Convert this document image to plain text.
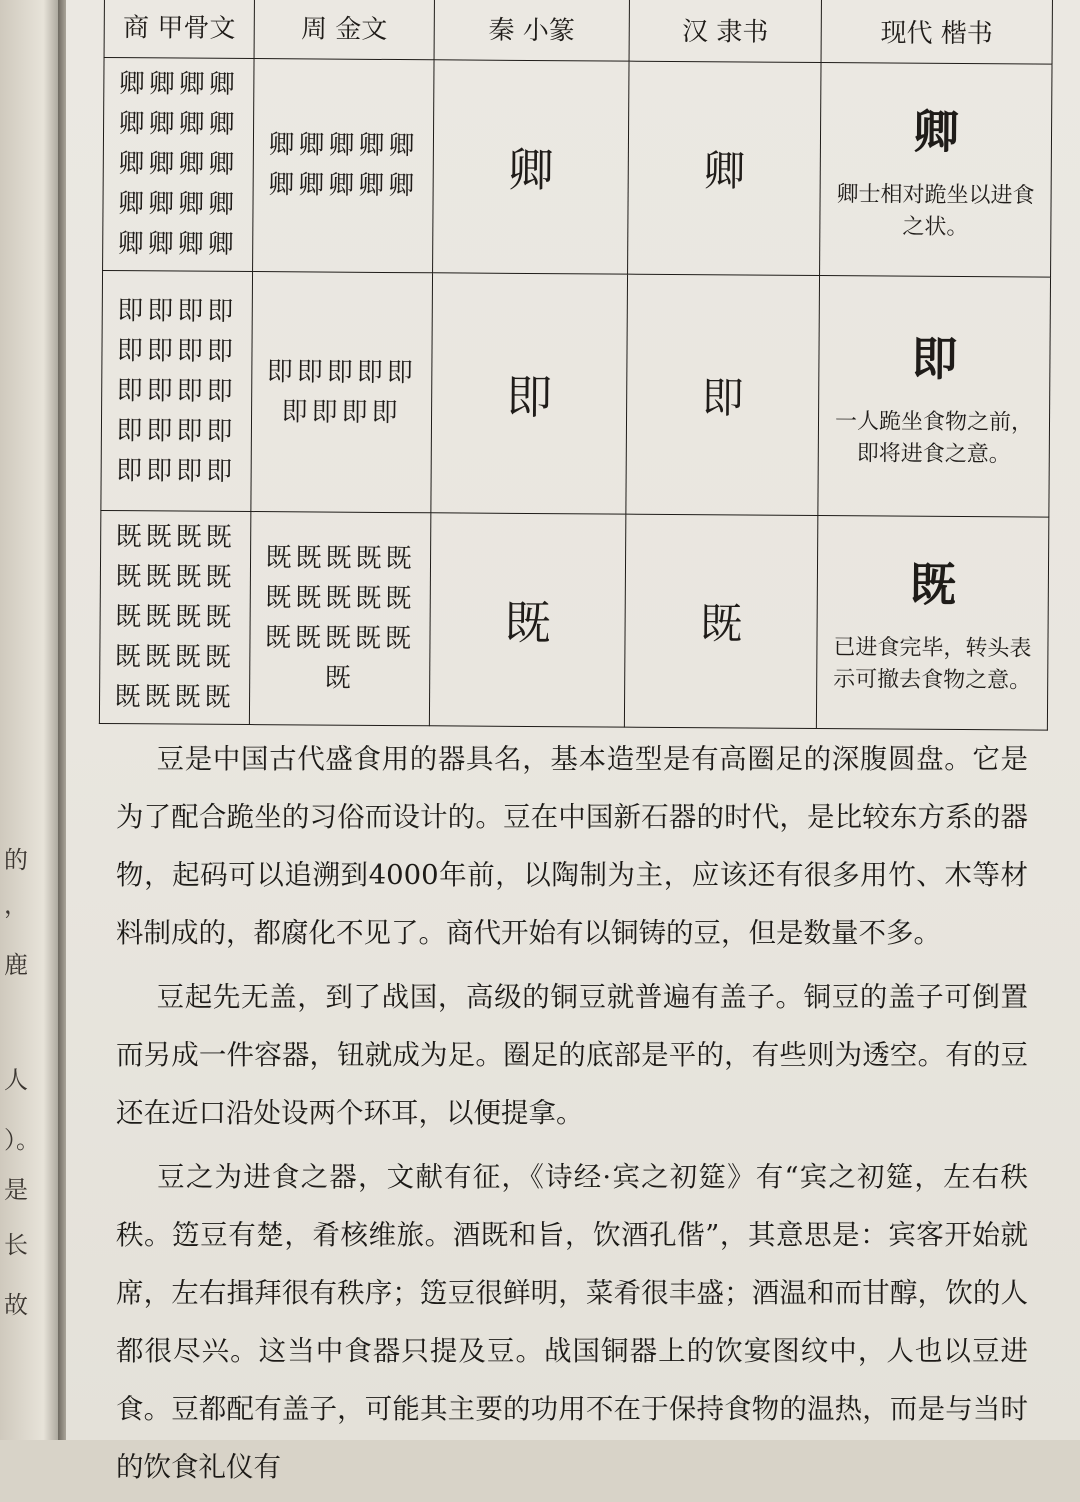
的
，
鹿
人
）。
是
长
故
商 甲骨文	周 金文	秦 小篆	汉 隶书	现代 楷书
卿卿卿卿卿卿卿卿卿卿卿卿卿卿卿卿卿卿卿卿	卿卿卿卿卿卿卿卿卿卿	卿	卿	卿
卿士相对跪坐以进食之状。

即即即即即即即即即即即即即即即即即即即即	即即即即即即即即即	即	即	即
一人跪坐食物之前，即将进食之意。

既既既既既既既既既既既既既既既既既既既既	既既既既既既既既既既既既既既既既	既	既	既
已进食完毕，转头表示可撤去食物之意。

豆是中国古代盛食用的器具名，基本造型是有高圈足的深腹圆盘。它是为了配合跪坐的习俗而设计的。豆在中国新石器的时代，是比较东方系的器物，起码可以追溯到4000年前，以陶制为主，应该还有很多用竹、木等材料制成的，都腐化不见了。商代开始有以铜铸的豆，但是数量不多。

豆起先无盖，到了战国，高级的铜豆就普遍有盖子。铜豆的盖子可倒置而另成一件容器，钮就成为足。圈足的底部是平的，有些则为透空。有的豆还在近口沿处设两个环耳，以便提拿。

豆之为进食之器，文献有征，《诗经·宾之初筵》有“宾之初筵，左右秩秩。笾豆有楚，肴核维旅。酒既和旨，饮酒孔偕”，其意思是：宾客开始就席，左右揖拜很有秩序；笾豆很鲜明，菜肴很丰盛；酒温和而甘醇，饮的人都很尽兴。这当中食器只提及豆。战国铜器上的饮宴图纹中，人也以豆进食。豆都配有盖子，可能其主要的功用不在于保持食物的温热，而是与当时的饮食礼仪有
